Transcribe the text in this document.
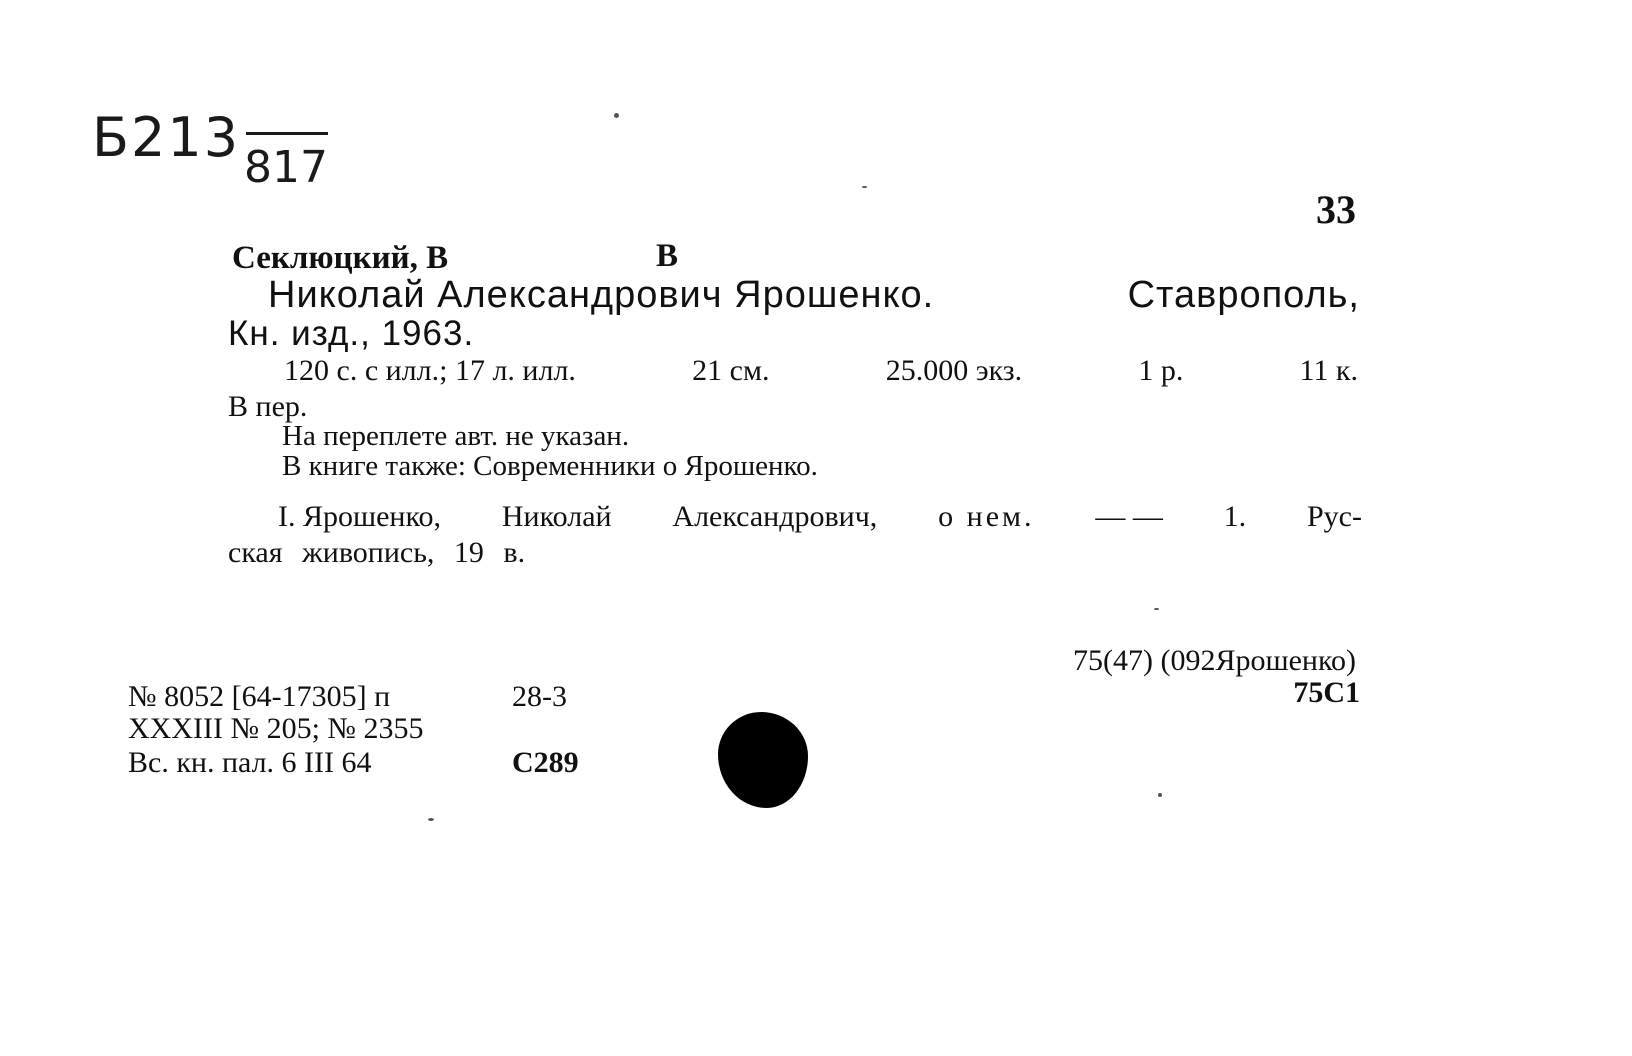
Б213 817
33
Секлюцкий, В	В
Николай Александрович Ярошенко.	Ставрополь,
Кн. изд., 1963.
120 с. с илл.; 17 л. илл.	21 см.	25.000 экз.	1 р.	11 к.
В пер.
На переплете авт. не указан.
В книге также: Современники о Ярошенко.
I. Ярошенко, Николай Александрович, о нем. — — 1. Рус-
ская живопись, 19 в.
75(47) (092Ярошенко)
75С1
№ 8052 [64-17305] п	28-3
XXXIII № 205; № 2355
Вс. кн. пал. 6 III 64	С289
